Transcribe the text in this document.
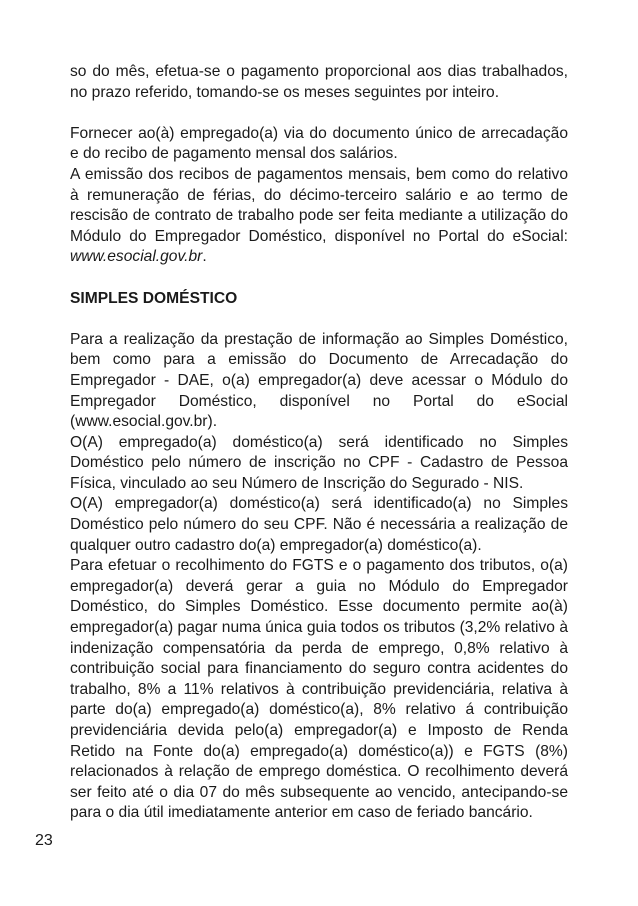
so do mês, efetua-se o pagamento proporcional aos dias trabalhados, no prazo referido, tomando-se os meses seguintes por inteiro.

Fornecer ao(à) empregado(a) via do documento único de arrecadação e do recibo de pagamento mensal dos salários.

A emissão dos recibos de pagamentos mensais, bem como do relativo à remuneração de férias, do décimo-terceiro salário e ao termo de rescisão de contrato de trabalho pode ser feita mediante a utilização do Módulo do Empregador Doméstico, disponível no Portal do eSocial: www.esocial.gov.br.

SIMPLES DOMÉSTICO

Para a realização da prestação de informação ao Simples Doméstico, bem como para a emissão do Documento de Arrecadação do Empregador - DAE, o(a) empregador(a) deve acessar o Módulo do Empregador Doméstico, disponível no Portal do eSocial (www.esocial.gov.br).

O(A) empregado(a) doméstico(a) será identificado no Simples Doméstico pelo número de inscrição no CPF - Cadastro de Pessoa Física, vinculado ao seu Número de Inscrição do Segurado - NIS.

O(A) empregador(a) doméstico(a) será identificado(a) no Simples Doméstico pelo número do seu CPF. Não é necessária a realização de qualquer outro cadastro do(a) empregador(a) doméstico(a).

Para efetuar o recolhimento do FGTS e o pagamento dos tributos, o(a) empregador(a) deverá gerar a guia no Módulo do Empregador Doméstico, do Simples Doméstico. Esse documento permite ao(à) empregador(a) pagar numa única guia todos os tributos (3,2% relativo à indenização compensatória da perda de emprego, 0,8% relativo à contribuição social para financiamento do seguro contra acidentes do trabalho, 8% a 11% relativos à contribuição previdenciária, relativa à parte do(a) empregado(a) doméstico(a), 8% relativo á contribuição previdenciária devida pelo(a) empregador(a) e Imposto de Renda Retido na Fonte do(a) empregado(a) doméstico(a)) e FGTS (8%) relacionados à relação de emprego doméstica. O recolhimento deverá ser feito até o dia 07 do mês subsequente ao vencido, antecipando-se para o dia útil imediatamente anterior em caso de feriado bancário.

23
